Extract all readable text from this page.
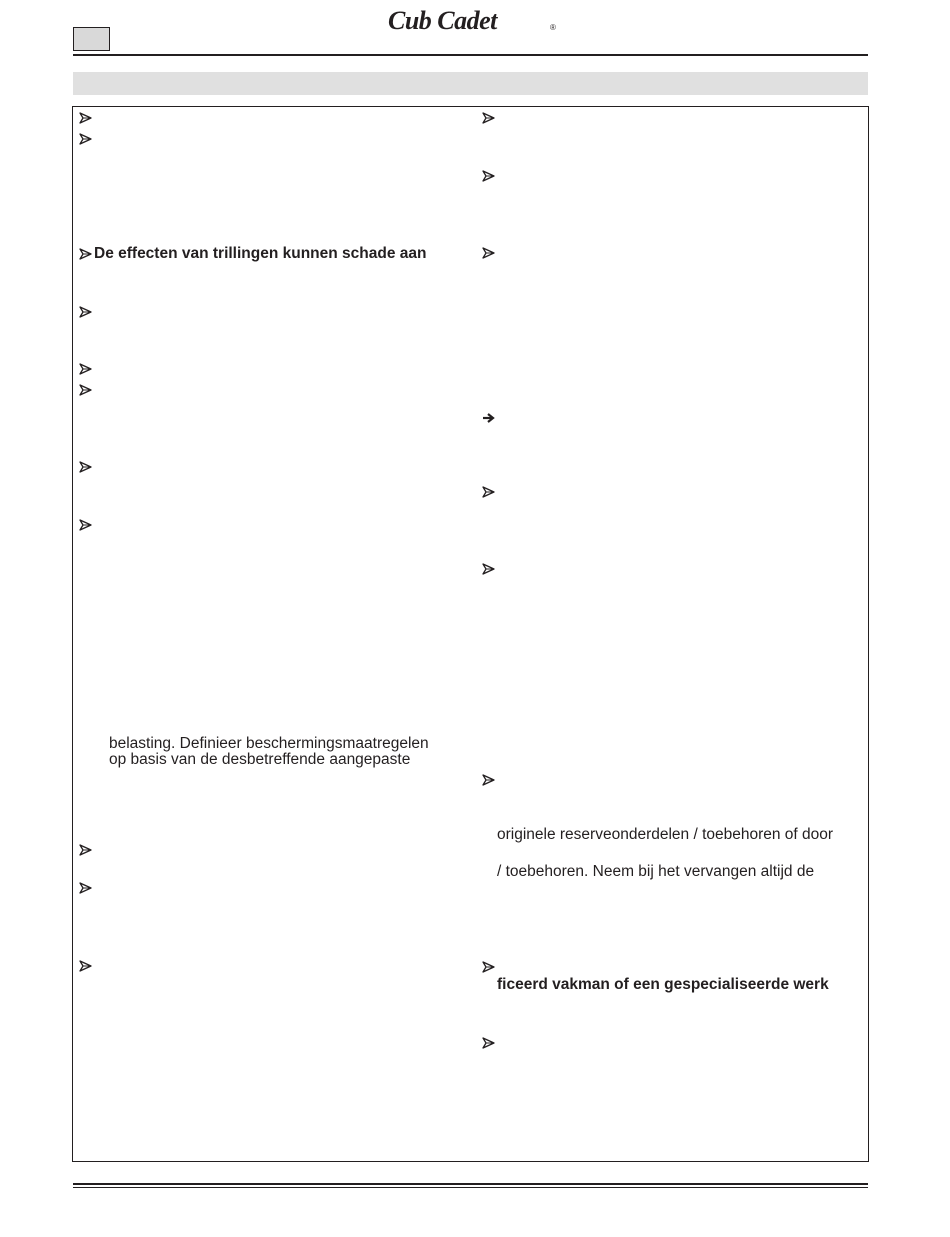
Cub Cadet	®
De effecten van trillingen kunnen schade aan
belasting. Definieer beschermingsmaatregelen
op basis van de desbetreffende aangepaste
originele reserveonderdelen / toebehoren of door
/ toebehoren. Neem bij het vervangen altijd de
ficeerd vakman of een gespecialiseerde werk
